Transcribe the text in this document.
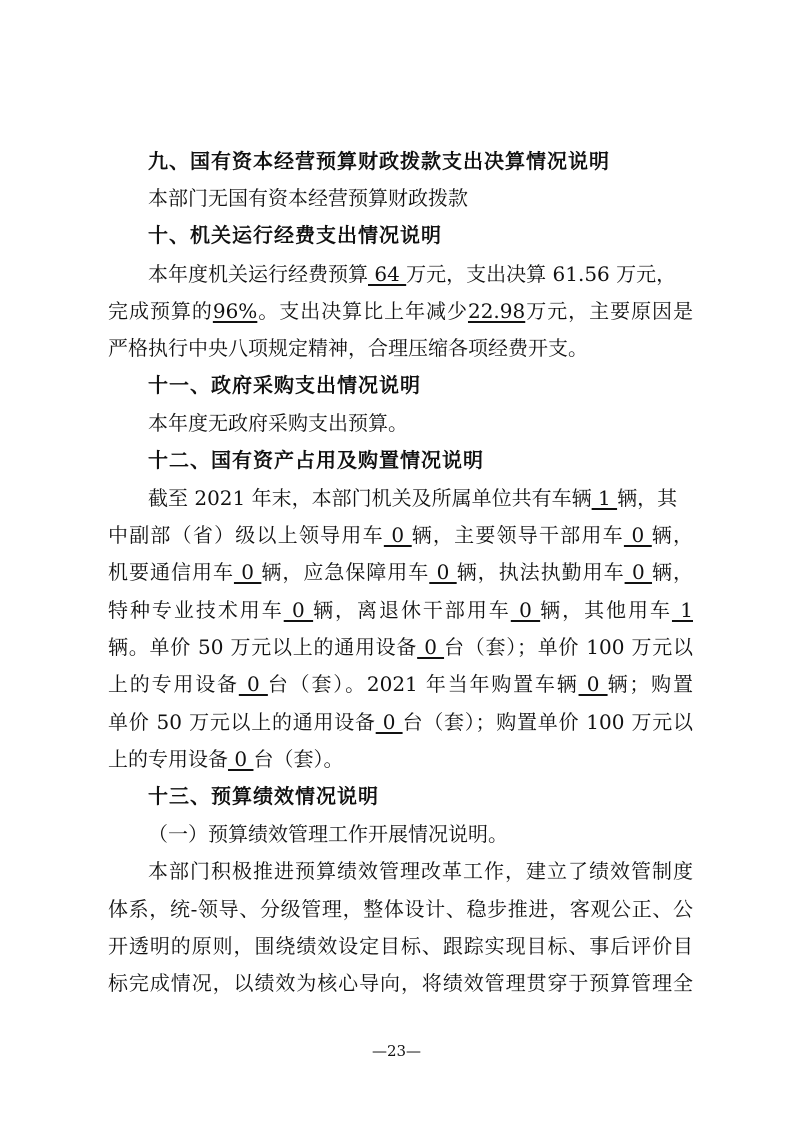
九、国有资本经营预算财政拨款支出决算情况说明
本部门无国有资本经营预算财政拨款
十、机关运行经费支出情况说明
本年度机关运行经费预算 64 万元，支出决算 61.56 万元，
完成预算的96%。支出决算比上年减少22.98万元，主要原因是
严格执行中央八项规定精神，合理压缩各项经费开支。
十一、政府采购支出情况说明
本年度无政府采购支出预算。
十二、国有资产占用及购置情况说明
截至 2021 年末，本部门机关及所属单位共有车辆 1 辆，其
中副部（省）级以上领导用车 0 辆，主要领导干部用车 0 辆，
机要通信用车 0 辆，应急保障用车 0 辆，执法执勤用车 0 辆，
特种专业技术用车 0 辆，离退休干部用车 0 辆，其他用车 1
辆。单价 50 万元以上的通用设备 0 台（套）；单价 100 万元以
上的专用设备 0 台（套）。2021 年当年购置车辆 0 辆；购置
单价 50 万元以上的通用设备 0 台（套）；购置单价 100 万元以
上的专用设备 0 台（套）。
十三、预算绩效情况说明
（一）预算绩效管理工作开展情况说明。
本部门积极推进预算绩效管理改革工作，建立了绩效管制度
体系，统-领导、分级管理，整体设计、稳步推进，客观公正、公
开透明的原则，围绕绩效设定目标、跟踪实现目标、事后评价目
标完成情况，以绩效为核心导向，将绩效管理贯穿于预算管理全
—23—
